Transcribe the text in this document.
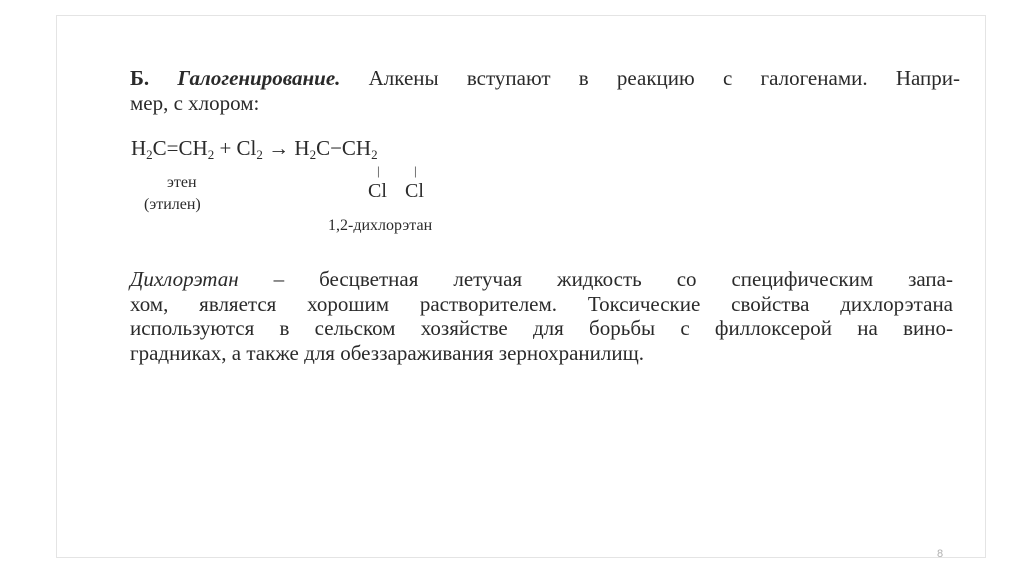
Б. Галогенирование. Алкены вступают в реакцию с галогенами. Напри-
мер, с хлором:
$H_2C=CH_2 + Cl_2 \to H_2C-CH_2$
|	|
Cl Cl
этен
(этилен)
1,2-дихлорэтан
Дихлорэтан – бесцветная летучая жидкость со специфическим запа-
хом, является хорошим растворителем. Токсические свойства дихлорэтана
используются в сельском хозяйстве для борьбы с филлоксерой на вино-
градниках, а также для обеззараживания зернохранилищ.
8
